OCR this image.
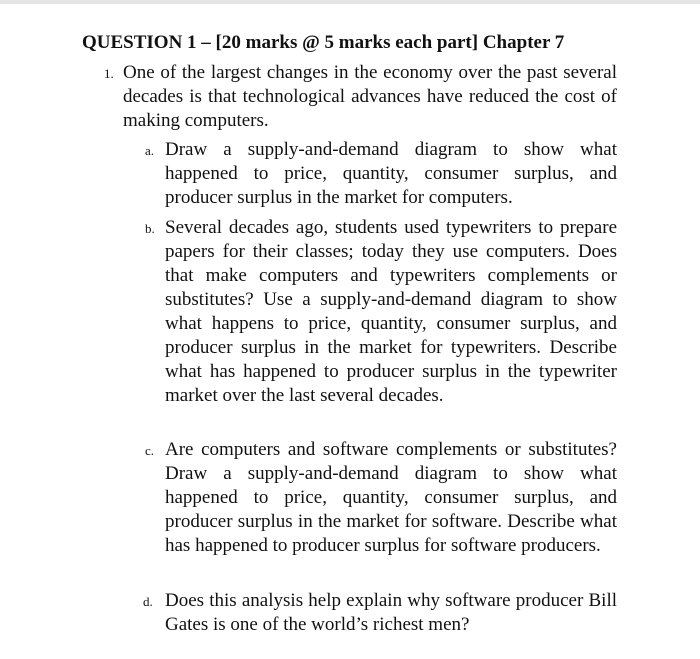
QUESTION 1 – [20 marks @ 5 marks each part] Chapter 7
1. One of the largest changes in the economy over the past several decades is that technological advances have reduced the cost of making computers.
a. Draw a supply-and-demand diagram to show what happened to price, quantity, consumer surplus, and producer surplus in the market for computers.
b. Several decades ago, students used typewriters to prepare papers for their classes; today they use computers. Does that make computers and typewriters complements or substitutes? Use a supply-and-demand diagram to show what happens to price, quantity, consumer surplus, and producer surplus in the market for typewriters. Describe what has happened to producer surplus in the typewriter market over the last several decades.
c. Are computers and software complements or substitutes? Draw a supply-and-demand diagram to show what happened to price, quantity, consumer surplus, and producer surplus in the market for software. Describe what has happened to producer surplus for software producers.
d. Does this analysis help explain why software producer Bill Gates is one of the world’s richest men?
